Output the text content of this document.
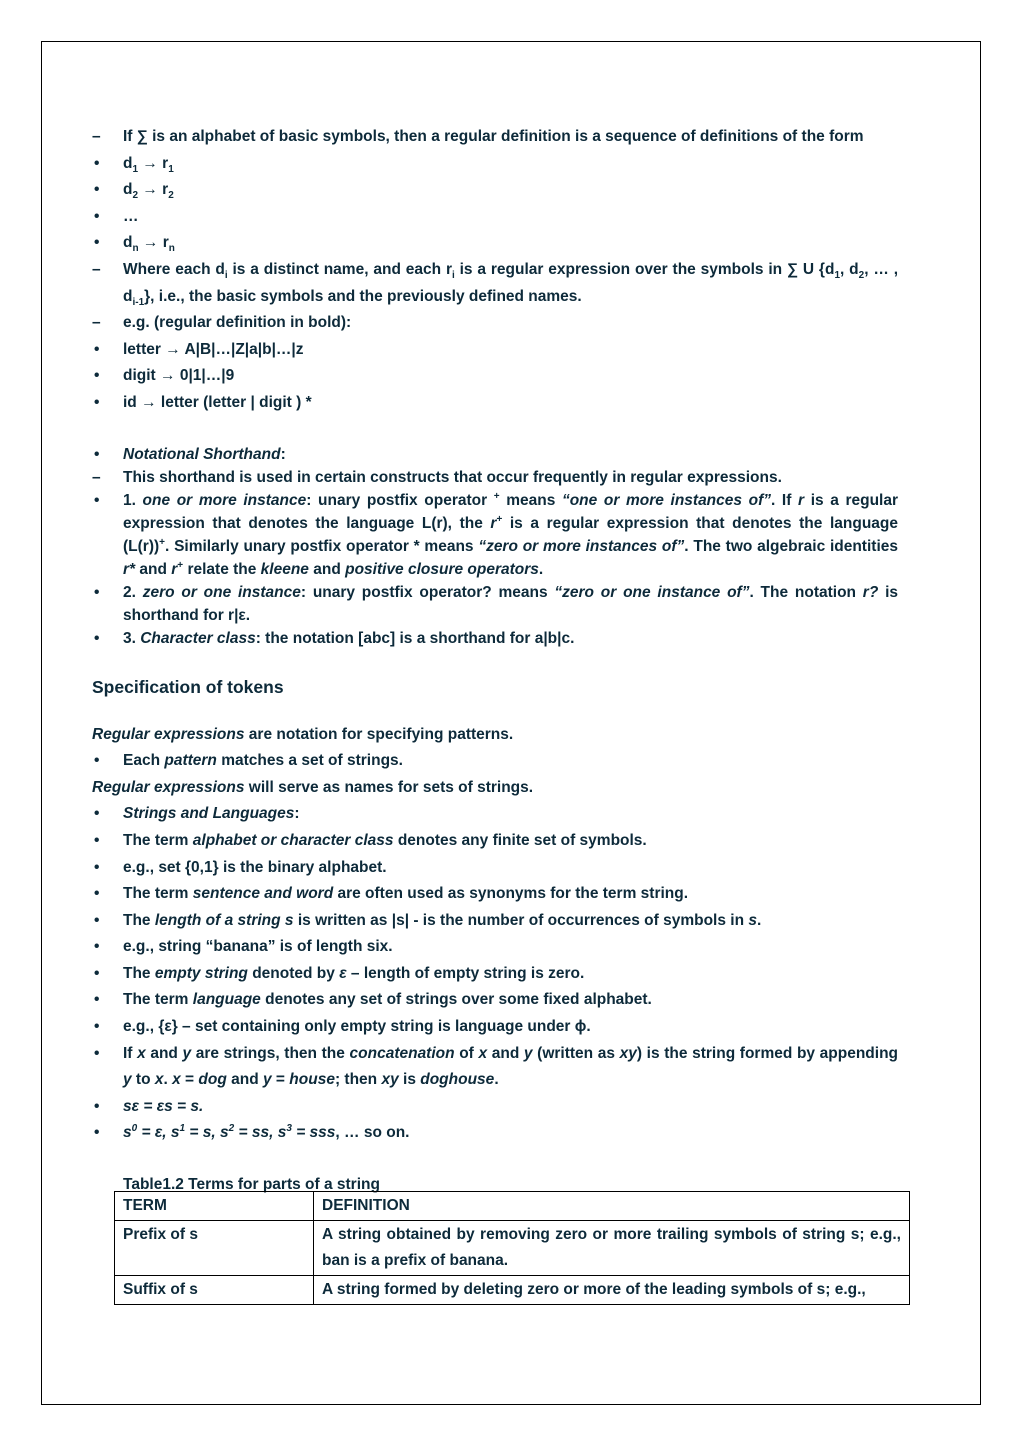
–	If ∑ is an alphabet of basic symbols, then a regular definition is a sequence of definitions of the form
•	$d_1 \to r_1$
•	$d_2 \to r_2$
•	…
•	$d_n \to r_n$
–	Where each $d_i$ is a distinct name, and each $r_i$ is a regular expression over the symbols in ∑ U {$d_1$, $d_2$, … , $d_{i-1}$}, i.e., the basic symbols and the previously defined names.
–	e.g. (regular definition in bold):
•	letter → A|B|…|Z|a|b|…|z
•	digit → 0|1|…|9
•	id → letter (letter | digit ) *
•	Notational Shorthand:
–	This shorthand is used in certain constructs that occur frequently in regular expressions.
•	1. one or more instance: unary postfix operator + means “one or more instances of”. If r is a regular expression that denotes the language L(r), the r+ is a regular expression that denotes the language (L(r))+. Similarly unary postfix operator * means “zero or more instances of”. The two algebraic identities r* and r+ relate the kleene and positive closure operators.
•	2. zero or one instance: unary postfix operator? means “zero or one instance of”. The notation r? is shorthand for r|ε.
•	3. Character class: the notation [abc] is a shorthand for a|b|c.
Specification of tokens
Regular expressions are notation for specifying patterns.
•	Each pattern matches a set of strings.
Regular expressions will serve as names for sets of strings.
•	Strings and Languages:
•	The term alphabet or character class denotes any finite set of symbols.
•	e.g., set {0,1} is the binary alphabet.
•	The term sentence and word are often used as synonyms for the term string.
•	The length of a string s is written as |s| - is the number of occurrences of symbols in s.
•	e.g., string “banana” is of length six.
•	The empty string denoted by ε – length of empty string is zero.
•	The term language denotes any set of strings over some fixed alphabet.
•	e.g., {ε} – set containing only empty string is language under ɸ.
•	If x and y are strings, then the concatenation of x and y (written as xy) is the string formed by appending y to x. x = dog and y = house; then xy is doghouse.
•	sε = εs = s.
•	$s^0 = \varepsilon$, $s^1 = s$, $s^2$ = ss, $s^3$ = sss, … so on.
Table1.2 Terms for parts of a string
TERM	DEFINITION
Prefix of s	A string obtained by removing zero or more trailing symbols of string s; e.g., ban is a prefix of banana.
Suffix of s	A string formed by deleting zero or more of the leading symbols of s; e.g.,
